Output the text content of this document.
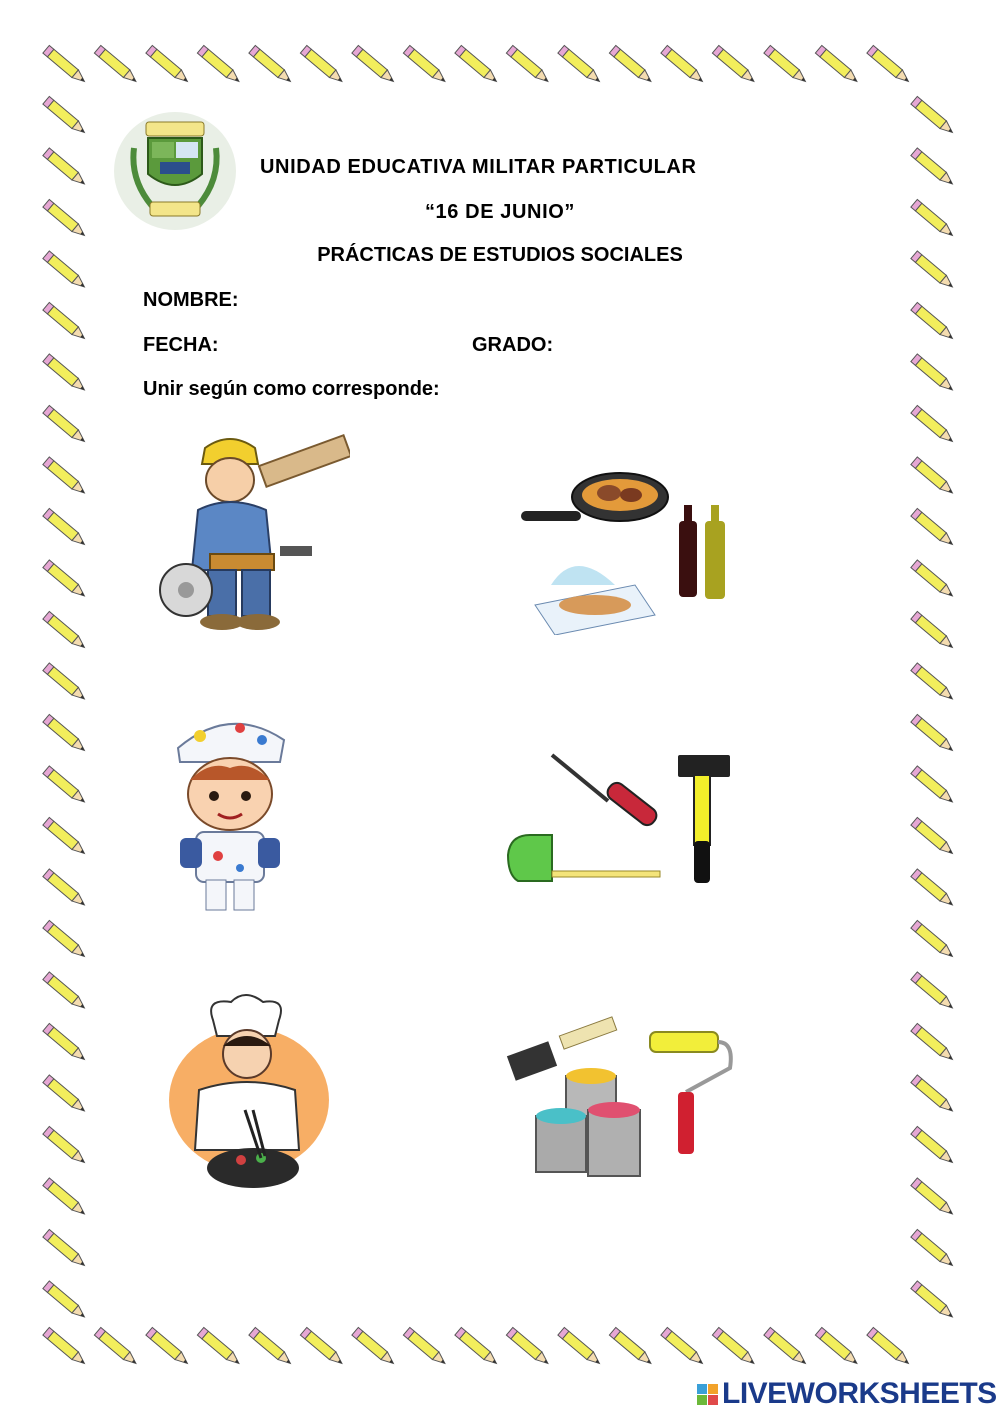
UNIDAD EDUCATIVA MILITAR PARTICULAR

“16 DE JUNIO”

PRÁCTICAS DE ESTUDIOS SOCIALES

NOMBRE:

FECHA:	GRADO:

Unir según como corresponde:

LIVEWORKSHEETS
